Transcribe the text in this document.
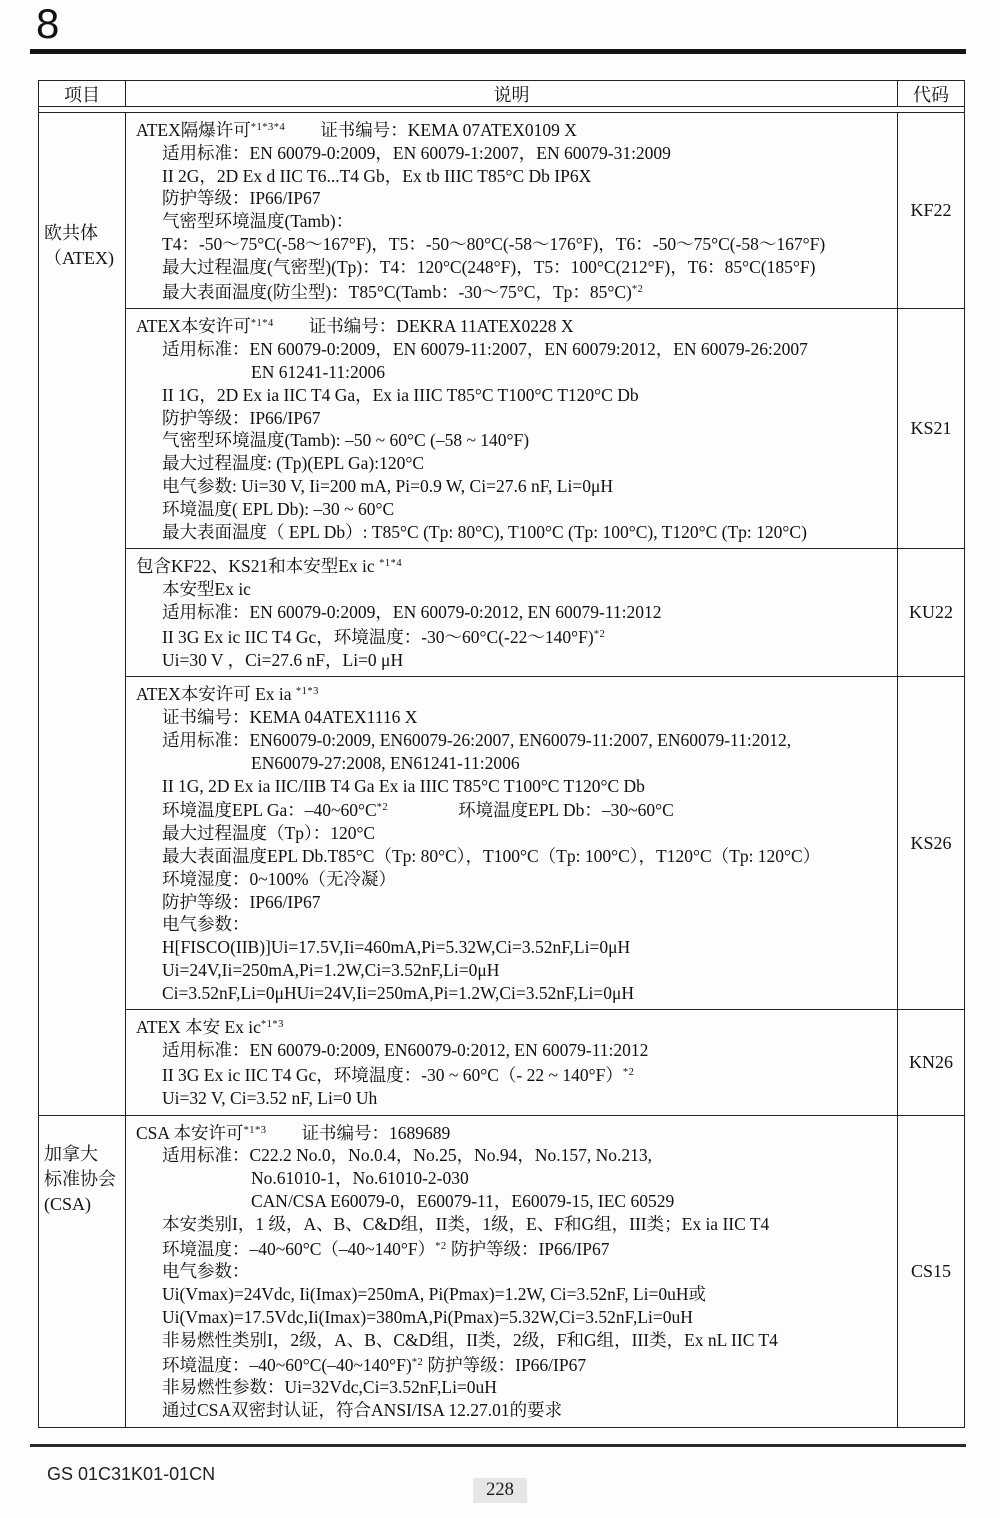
8
项目	说明	代码
欧共体
（ATEX)
ATEX隔爆许可$^{*1*3*4}$　　证书编号：KEMA 07ATEX0109 X
适用标准：EN 60079-0:2009，EN 60079-1:2007，EN 60079-31:2009
II 2G，2D Ex d IIC T6...T4 Gb，Ex tb IIIC T85°C Db IP6X
防护等级：IP66/IP67
气密型环境温度(Tamb)：
T4：-50～75°C(-58～167°F)，T5：-50～80°C(-58～176°F)，T6：-50～75°C(-58～167°F)
最大过程温度(气密型)(Tp)：T4：120°C(248°F)，T5：100°C(212°F)，T6：85°C(185°F)
最大表面温度(防尘型)：T85°C(Tamb：-30～75°C，Tp：85°C)$^{*2}$
KF22
ATEX本安许可$^{*1*4}$　　证书编号：DEKRA 11ATEX0228 X
适用标准：EN 60079-0:2009，EN 60079-11:2007，EN 60079:2012，EN 60079-26:2007
EN 61241-11:2006
II 1G，2D Ex ia IIC T4 Ga，Ex ia IIIC T85°C T100°C T120°C Db
防护等级：IP66/IP67
气密型环境温度(Tamb): –50 ~ 60°C (–58 ~ 140°F)
最大过程温度: (Tp)(EPL Ga):120°C
电气参数: Ui=30 V, Ii=200 mA, Pi=0.9 W, Ci=27.6 nF, Li=0μH
环境温度( EPL Db): –30 ~ 60°C
最大表面温度（ EPL Db）: T85°C (Tp: 80°C), T100°C (Tp: 100°C), T120°C (Tp: 120°C)
KS21
包含KF22、KS21和本安型Ex ic $^{*1*4}$
本安型Ex ic
适用标准：EN 60079-0:2009，EN 60079-0:2012, EN 60079-11:2012
II 3G Ex ic IIC T4 Gc，环境温度：-30～60°C(-22～140°F)$^{*2}$
Ui=30 V ，Ci=27.6 nF，Li=0 μH
KU22
ATEX本安许可 Ex ia $^{*1*3}$
证书编号：KEMA 04ATEX1116 X
适用标准：EN60079-0:2009, EN60079-26:2007, EN60079-11:2007, EN60079-11:2012,
EN60079-27:2008, EN61241-11:2006
II 1G, 2D Ex ia IIC/IIB T4 Ga Ex ia IIIC T85°C T100°C T120°C Db
环境温度EPL Ga：$-40\sim 60^\circ C^{*2}$　　　　环境温度EPL Db：–30~60°C
最大过程温度（Tp）：120°C
最大表面温度EPL Db.T85°C（Tp: 80°C），T100°C（Tp: 100°C），T120°C（Tp: 120°C）
环境湿度：0~100%（无冷凝）
防护等级：IP66/IP67
电气参数：
H[FISCO(IIB)]Ui=17.5V,Ii=460mA,Pi=5.32W,Ci=3.52nF,Li=0μH
Ui=24V,Ii=250mA,Pi=1.2W,Ci=3.52nF,Li=0μH
Ci=3.52nF,Li=0μHUi=24V,Ii=250mA,Pi=1.2W,Ci=3.52nF,Li=0μH
KS26
ATEX 本安 Ex $ic^{*1*3}$
适用标准：EN 60079-0:2009, EN60079-0:2012, EN 60079-11:2012
II 3G Ex ic IIC T4 Gc，环境温度：-30 ~ 60°C（- 22 ~ 140°F）$^{*2}$
Ui=32 V, Ci=3.52 nF, Li=0 Uh
KN26
加拿大
标准协会
(CSA)
CSA 本安许可$^{*1*3}$　　证书编号：1689689
适用标准：C22.2 No.0，No.0.4，No.25，No.94，No.157, No.213,
No.61010-1，No.61010-2-030
CAN/CSA E60079-0，E60079-11，E60079-15, IEC 60529
本安类别I，1 级，A、B、C&D组，II类，1级，E、F和G组，III类；Ex ia IIC T4
环境温度：–40~60°C（–40~140°F）$^{*2}$ 防护等级：IP66/IP67
电气参数：
Ui(Vmax)=24Vdc, Ii(Imax)=250mA, Pi(Pmax)=1.2W, Ci=3.52nF, Li=0uH或
Ui(Vmax)=17.5Vdc,Ii(Imax)=380mA,Pi(Pmax)=5.32W,Ci=3.52nF,Li=0uH
非易燃性类别I，2级，A、B、C&D组，II类，2级，F和G组，III类，Ex nL IIC T4
环境温度：–40~60°C(–40~140°F)$^{*2}$ 防护等级：IP66/IP67
非易燃性参数：Ui=32Vdc,Ci=3.52nF,Li=0uH
通过CSA双密封认证，符合ANSI/ISA 12.27.01的要求
CS15
GS 01C31K01-01CN
228
